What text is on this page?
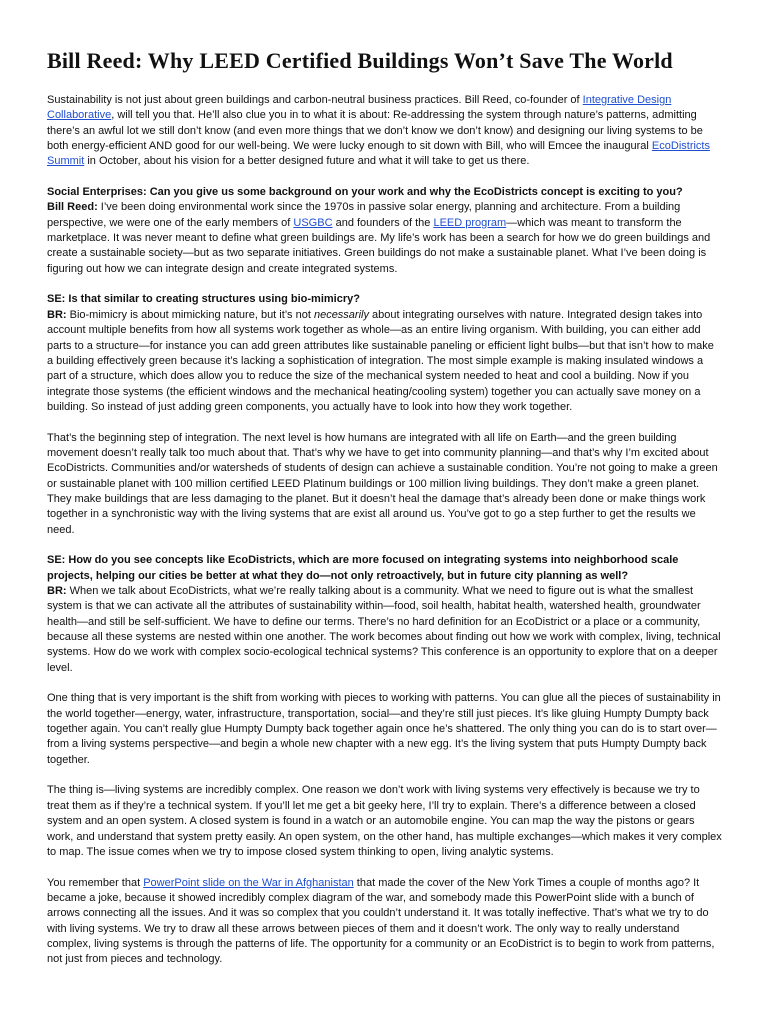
Bill Reed: Why LEED Certified Buildings Won’t Save The World

Sustainability is not just about green buildings and carbon-neutral business practices. Bill Reed, co-founder of Integrative Design Collaborative, will tell you that. He’ll also clue you in to what it is about: Re-addressing the system through nature’s patterns, admitting there’s an awful lot we still don’t know (and even more things that we don’t know we don’t know) and designing our living systems to be both energy-efficient AND good for our well-being. We were lucky enough to sit down with Bill, who will Emcee the inaugural EcoDistricts Summit in October, about his vision for a better designed future and what it will take to get us there.

Social Enterprises: Can you give us some background on your work and why the EcoDistricts concept is exciting to you?

Bill Reed: I’ve been doing environmental work since the 1970s in passive solar energy, planning and architecture. From a building perspective, we were one of the early members of USGBC and founders of the LEED program—which was meant to transform the marketplace. It was never meant to define what green buildings are. My life’s work has been a search for how we do green buildings and create a sustainable society—but as two separate initiatives. Green buildings do not make a sustainable planet. What I’ve been doing is figuring out how we can integrate design and create integrated systems.

SE: Is that similar to creating structures using bio-mimicry?

BR: Bio-mimicry is about mimicking nature, but it’s not necessarily about integrating ourselves with nature. Integrated design takes into account multiple benefits from how all systems work together as whole—as an entire living organism. With building, you can either add parts to a structure—for instance you can add green attributes like sustainable paneling or efficient light bulbs—but that isn’t how to make a building effectively green because it’s lacking a sophistication of integration. The most simple example is making insulated windows a part of a structure, which does allow you to reduce the size of the mechanical system needed to heat and cool a building. Now if you integrate those systems (the efficient windows and the mechanical heating/cooling system) together you can actually save money on a building. So instead of just adding green components, you actually have to look into how they work together.

That’s the beginning step of integration. The next level is how humans are integrated with all life on Earth—and the green building movement doesn’t really talk too much about that. That’s why we have to get into community planning—and that’s why I’m excited about EcoDistricts. Communities and/or watersheds of students of design can achieve a sustainable condition. You’re not going to make a green or sustainable planet with 100 million certified LEED Platinum buildings or 100 million living buildings. They don’t make a green planet. They make buildings that are less damaging to the planet. But it doesn’t heal the damage that’s already been done or make things work together in a synchronistic way with the living systems that are exist all around us. You’ve got to go a step further to get the results we need.

SE: How do you see concepts like EcoDistricts, which are more focused on integrating systems into neighborhood scale projects, helping our cities be better at what they do—not only retroactively, but in future city planning as well?

BR: When we talk about EcoDistricts, what we’re really talking about is a community. What we need to figure out is what the smallest system is that we can activate all the attributes of sustainability within—food, soil health, habitat health, watershed health, groundwater health—and still be self-sufficient. We have to define our terms. There’s no hard definition for an EcoDistrict or a place or a community, because all these systems are nested within one another. The work becomes about finding out how we work with complex, living, technical systems. How do we work with complex socio-ecological technical systems? This conference is an opportunity to explore that on a deeper level.

One thing that is very important is the shift from working with pieces to working with patterns. You can glue all the pieces of sustainability in the world together—energy, water, infrastructure, transportation, social—and they’re still just pieces. It’s like gluing Humpty Dumpty back together again. You can’t really glue Humpty Dumpty back together again once he’s shattered. The only thing you can do is to start over—from a living systems perspective—and begin a whole new chapter with a new egg. It’s the living system that puts Humpty Dumpty back together.

The thing is—living systems are incredibly complex. One reason we don’t work with living systems very effectively is because we try to treat them as if they’re a technical system. If you’ll let me get a bit geeky here, I’ll try to explain. There’s a difference between a closed system and an open system. A closed system is found in a watch or an automobile engine. You can map the way the pistons or gears work, and understand that system pretty easily. An open system, on the other hand, has multiple exchanges—which makes it very complex to map. The issue comes when we try to impose closed system thinking to open, living analytic systems.

You remember that PowerPoint slide on the War in Afghanistan that made the cover of the New York Times a couple of months ago? It became a joke, because it showed incredibly complex diagram of the war, and somebody made this PowerPoint slide with a bunch of arrows connecting all the issues. And it was so complex that you couldn’t understand it. It was totally ineffective. That’s what we try to do with living systems. We try to draw all these arrows between pieces of them and it doesn’t work. The only way to really understand complex, living systems is through the patterns of life. The opportunity for a community or an EcoDistrict is to begin to work from patterns, not just from pieces and technology.
